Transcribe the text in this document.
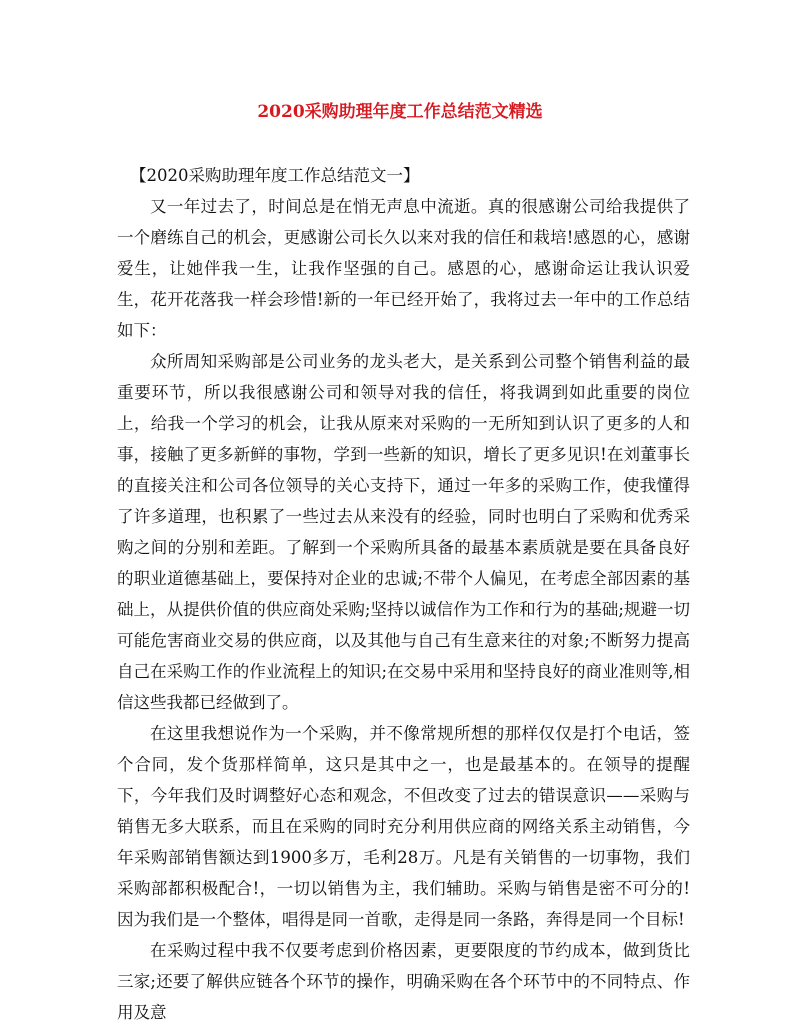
2020采购助理年度工作总结范文精选

【2020采购助理年度工作总结范文一】

又一年过去了，时间总是在悄无声息中流逝。真的很感谢公司给我提供了一个磨练自己的机会，更感谢公司长久以来对我的信任和栽培!感恩的心，感谢爱生，让她伴我一生，让我作坚强的自己。感恩的心，感谢命运让我认识爱生，花开花落我一样会珍惜!新的一年已经开始了，我将过去一年中的工作总结如下：

众所周知采购部是公司业务的龙头老大，是关系到公司整个销售利益的最重要环节，所以我很感谢公司和领导对我的信任，将我调到如此重要的岗位上，给我一个学习的机会，让我从原来对采购的一无所知到认识了更多的人和事，接触了更多新鲜的事物，学到一些新的知识，增长了更多见识!在刘董事长的直接关注和公司各位领导的关心支持下，通过一年多的采购工作，使我懂得了许多道理，也积累了一些过去从来没有的经验，同时也明白了采购和优秀采购之间的分别和差距。了解到一个采购所具备的最基本素质就是要在具备良好的职业道德基础上，要保持对企业的忠诚;不带个人偏见，在考虑全部因素的基础上，从提供价值的供应商处采购;坚持以诚信作为工作和行为的基础;规避一切可能危害商业交易的供应商，以及其他与自己有生意来往的对象;不断努力提高自己在采购工作的作业流程上的知识;在交易中采用和坚持良好的商业准则等,相信这些我都已经做到了。

在这里我想说作为一个采购，并不像常规所想的那样仅仅是打个电话，签个合同，发个货那样简单，这只是其中之一，也是最基本的。在领导的提醒下，今年我们及时调整好心态和观念，不但改变了过去的错误意识——采购与销售无多大联系，而且在采购的同时充分利用供应商的网络关系主动销售，今年采购部销售额达到1900多万，毛利28万。凡是有关销售的一切事物，我们采购部都积极配合!，一切以销售为主，我们辅助。采购与销售是密不可分的!因为我们是一个整体，唱得是同一首歌，走得是同一条路，奔得是同一个目标!

在采购过程中我不仅要考虑到价格因素，更要限度的节约成本，做到货比三家;还要了解供应链各个环节的操作，明确采购在各个环节中的不同特点、作用及意
